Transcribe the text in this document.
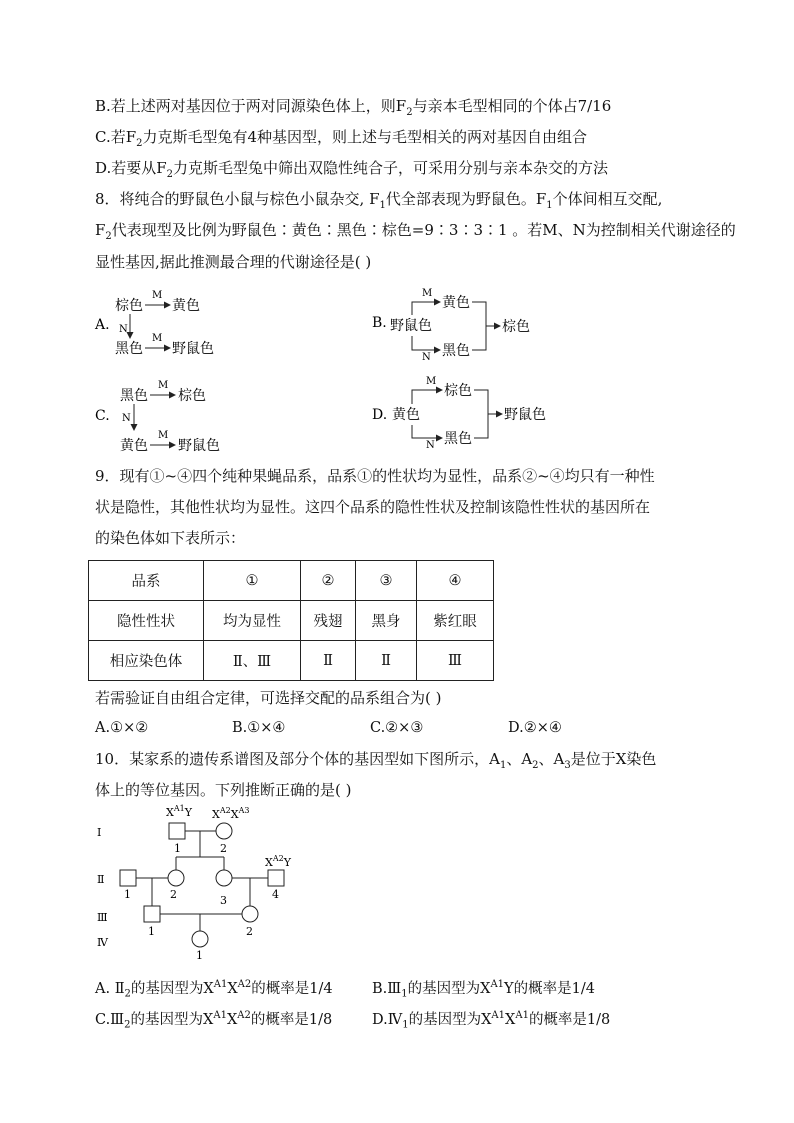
B.若上述两对基因位于两对同源染色体上，则$F_2$与亲本毛型相同的个体占7/16
C.若$F_2$力克斯毛型兔有4种基因型，则上述与毛型相关的两对基因自由组合
D.若要从$F_2$力克斯毛型兔中筛出双隐性纯合子，可采用分别与亲本杂交的方法
8．将纯合的野鼠色小鼠与棕色小鼠杂交, $F_1$代全部表现为野鼠色。$F_1$个体间相互交配,
$F_2$代表现型及比例为野鼠色∶黄色∶黑色∶棕色=9∶3∶3∶1 。若M、N为控制相关代谢途径的
显性基因,据此推测最合理的代谢途径是( )
A.
棕色
M
黄色
N
黑色
M
野鼠色
B. 野鼠色
M
N
黄色
黑色
棕色
C.
黑色
M
棕色
N
黄色
M
野鼠色
D. 黄色
M
N
棕色
黑色
野鼠色
9．现有①~④四个纯种果蝇品系，品系①的性状均为显性，品系②~④均只有一种性
状是隐性，其他性状均为显性。这四个品系的隐性性状及控制该隐性性状的基因所在
的染色体如下表所示：
品系	①	②	③	④
隐性性状	均为显性	残翅	黑身	紫红眼
相应染色体	Ⅱ、Ⅲ	Ⅱ	Ⅱ	Ⅲ
若需验证自由组合定律，可选择交配的品系组合为( )
A.①×②	B.①×④	C.②×③	D.②×④
10．某家系的遗传系谱图及部分个体的基因型如下图所示，$A_1$、$A_2$、$A_3$是位于X染色
体上的等位基因。下列推断正确的是( )
Ⅰ
Ⅱ
Ⅲ
Ⅳ
$X^{A1}Y$ $X^{A2}X^{A3}$
1	2
$X^{A2}Y$
1	2	3	4
1	2
1
A. $Ⅱ_2$的基因型为$X^{A1}X^{A2}$的概率是1/4	$B.Ⅲ_1$的基因型为$X^{A1}Y$的概率是1/4
$C.Ⅲ_2$的基因型为$X^{A1}X^{A2}$的概率是1/8	$D.Ⅳ_1$的基因型为$X^{A1}X^{A1}$的概率是1/8
